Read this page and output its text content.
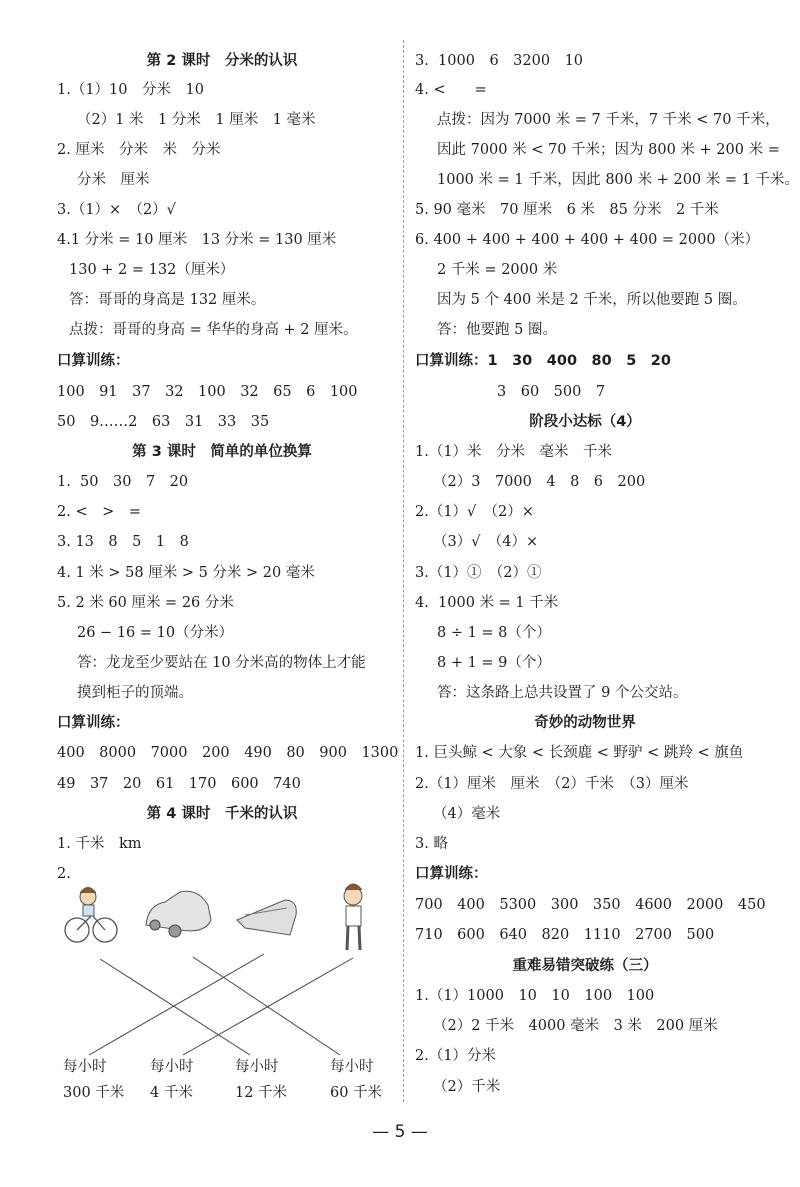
第 2 课时　分米的认识
1.（1）10　分米　10
（2）1 米　1 分米　1 厘米　1 毫米
2. 厘米　分米　米　分米
分米　厘米
3.（1）×　（2）√
4.1 分米 = 10 厘米　13 分米 = 130 厘米
130 + 2 = 132（厘米）
答：哥哥的身高是 132 厘米。
点拨：哥哥的身高 = 华华的身高 + 2 厘米。
口算训练：
100　91　37　32　100　32　65　6　100
50　9……2　63　31　33　35
第 3 课时　简单的单位换算
1.  50　30　7　20
2. <　>　=
3. 13　8　5　1　8
4. 1 米 > 58 厘米 > 5 分米 > 20 毫米
5. 2 米 60 厘米 = 26 分米
26 − 16 = 10（分米）
答：龙龙至少要站在 10 分米高的物体上才能
摸到柜子的顶端。
口算训练：
400　8000　7000　200　490　80　900　1300
49　37　20　61　170　600　740
第 4 课时　千米的认识
1. 千米　km
2.
3.  1000　6　3200　10
4. <　　=
点拨：因为 7000 米 = 7 千米，7 千米 < 70 千米，
因此 7000 米 < 70 千米；因为 800 米 + 200 米 =
1000 米 = 1 千米，因此 800 米 + 200 米 = 1 千米。
5. 90 毫米　70 厘米　6 米　85 分米　2 千米
6. 400 + 400 + 400 + 400 + 400 = 2000（米）
2 千米 = 2000 米
因为 5 个 400 米是 2 千米，所以他要跑 5 圈。
答：他要跑 5 圈。
口算训练：1　30　400　80　5　20
3　60　500　7
阶段小达标（4）
1.（1）米　分米　毫米　千米
（2）3　7000　4　8　6　200
2.（1）√　（2）×
（3）√　（4）×
3.（1）①　（2）①
4.  1000 米 = 1 千米
8 ÷ 1 = 8（个）
8 + 1 = 9（个）
答：这条路上总共设置了 9 个公交站。
奇妙的动物世界
1. 巨头鲸 < 大象 < 长颈鹿 < 野驴 < 跳羚 < 旗鱼
2.（1）厘米　厘米　（2）千米　（3）厘米
（4）毫米
3. 略
口算训练：
700　400　5300　300　350　4600　2000　450
710　600　640　820　1110　2700　500
重难易错突破练（三）
1.（1）1000　10　10　100　100
（2）2 千米　4000 毫米　3 米　200 厘米
2.（1）分米
（2）千米
每小时
300 千米
每小时
4 千米
每小时
12 千米
每小时
60 千米
— 5 —
